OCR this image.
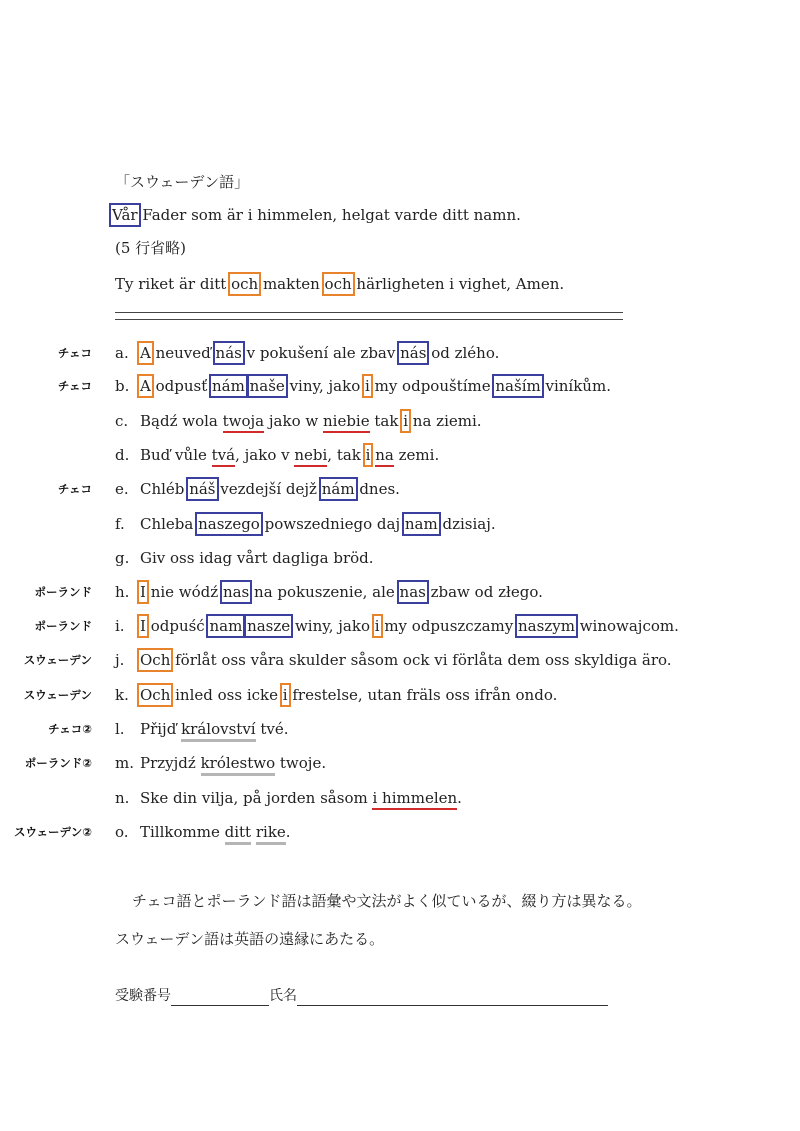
「スウェーデン語」
Vår Fader som är i himmelen, helgat varde ditt namn.
(5 行省略)
Ty riket är ditt och makten och härligheten i vighet, Amen.
チェコ a. A neuveď nás v pokušení ale zbav nás od zlého.
チェコ b. A odpusť nám naše viny, jako i my odpouštíme naším viníkům.
c. Bądź wola twoja jako w niebie tak i na ziemi.
d. Buď vůle tvá, jako v nebi, tak i na zemi.
チェコ e. Chléb náš vezdejší dejž nám dnes.
f. Chleba naszego powszedniego daj nam dzisiaj.
g. Giv oss idag vårt dagliga bröd.
ポーランド h. I nie wódź nas na pokuszenie, ale nas zbaw od złego.
ポーランド i. I odpuść nam nasze winy, jako i my odpuszczamy naszym winowajcom.
スウェーデン j. Och förlåt oss våra skulder såsom ock vi förlåta dem oss skyldiga äro.
スウェーデン k. Och inled oss icke i frestelse, utan fräls oss ifrån ondo.
チェコ② l. Přijď království tvé.
ポーランド② m. Przyjdź królestwo twoje.
n. Ske din vilja, på jorden såsom i himmelen.
スウェーデン② o. Tillkomme ditt rike.
チェコ語とポーランド語は語彙や文法がよく似ているが、綴り方は異なる。
スウェーデン語は英語の遠縁にあたる。
受験番号	氏名
